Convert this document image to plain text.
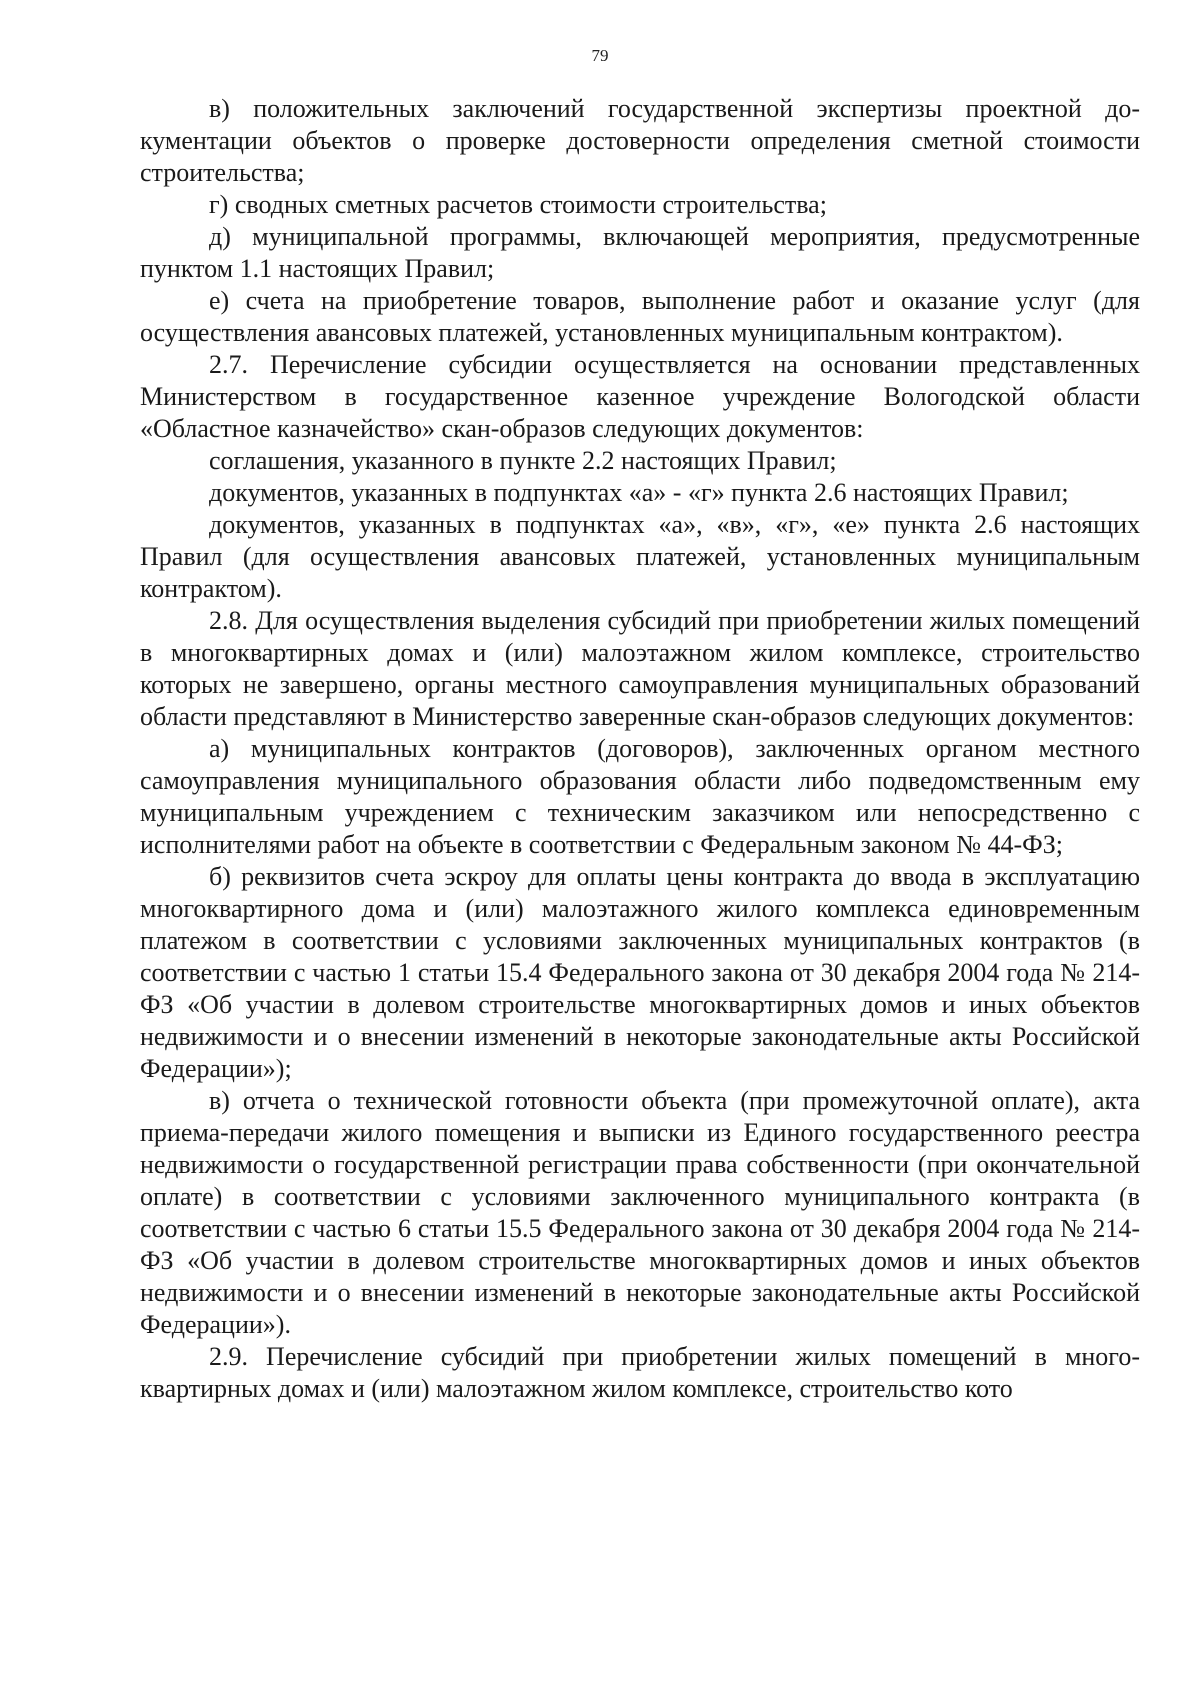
79

в) положительных заключений государственной экспертизы проектной документации объектов о проверке достоверности определения сметной стоимости строительства;

г) сводных сметных расчетов стоимости строительства;

д) муниципальной программы, включающей мероприятия, предусмотренные пунктом 1.1 настоящих Правил;

е) счета на приобретение товаров, выполнение работ и оказание услуг (для осуществления авансовых платежей, установленных муниципальным контрактом).

2.7. Перечисление субсидии осуществляется на основании представленных Министерством в государственное казенное учреждение Вологодской области «Областное казначейство» скан-образов следующих документов:

соглашения, указанного в пункте 2.2 настоящих Правил;

документов, указанных в подпунктах «а» - «г» пункта 2.6 настоящих Правил;

документов, указанных в подпунктах «а», «в», «г», «е» пункта 2.6 настоящих Правил (для осуществления авансовых платежей, установленных муниципальным контрактом).

2.8. Для осуществления выделения субсидий при приобретении жилых помещений в многоквартирных домах и (или) малоэтажном жилом комплексе, строительство которых не завершено, органы местного самоуправления муниципальных образований области представляют в Министерство заверенные скан-образов следующих документов:

а) муниципальных контрактов (договоров), заключенных органом местного самоуправления муниципального образования области либо подведомственным ему муниципальным учреждением с техническим заказчиком или непосредственно с исполнителями работ на объекте в соответствии с Федеральным законом № 44-ФЗ;

б) реквизитов счета эскроу для оплаты цены контракта до ввода в эксплуатацию многоквартирного дома и (или) малоэтажного жилого комплекса единовременным платежом в соответствии с условиями заключенных муниципальных контрактов (в соответствии с частью 1 статьи 15.4 Федерального закона от 30 декабря 2004 года № 214-ФЗ «Об участии в долевом строительстве многоквартирных домов и иных объектов недвижимости и о внесении изменений в некоторые законодательные акты Российской Федерации»);

в) отчета о технической готовности объекта (при промежуточной оплате), акта приема-передачи жилого помещения и выписки из Единого государственного реестра недвижимости о государственной регистрации права собственности (при окончательной оплате) в соответствии с условиями заключенного муниципального контракта (в соответствии с частью 6 статьи 15.5 Федерального закона от 30 декабря 2004 года № 214-ФЗ «Об участии в долевом строительстве многоквартирных домов и иных объектов недвижимости и о внесении изменений в некоторые законодательные акты Российской Федерации»).

2.9. Перечисление субсидий при приобретении жилых помещений в многоквартирных домах и (или) малоэтажном жилом комплексе, строительство кото
